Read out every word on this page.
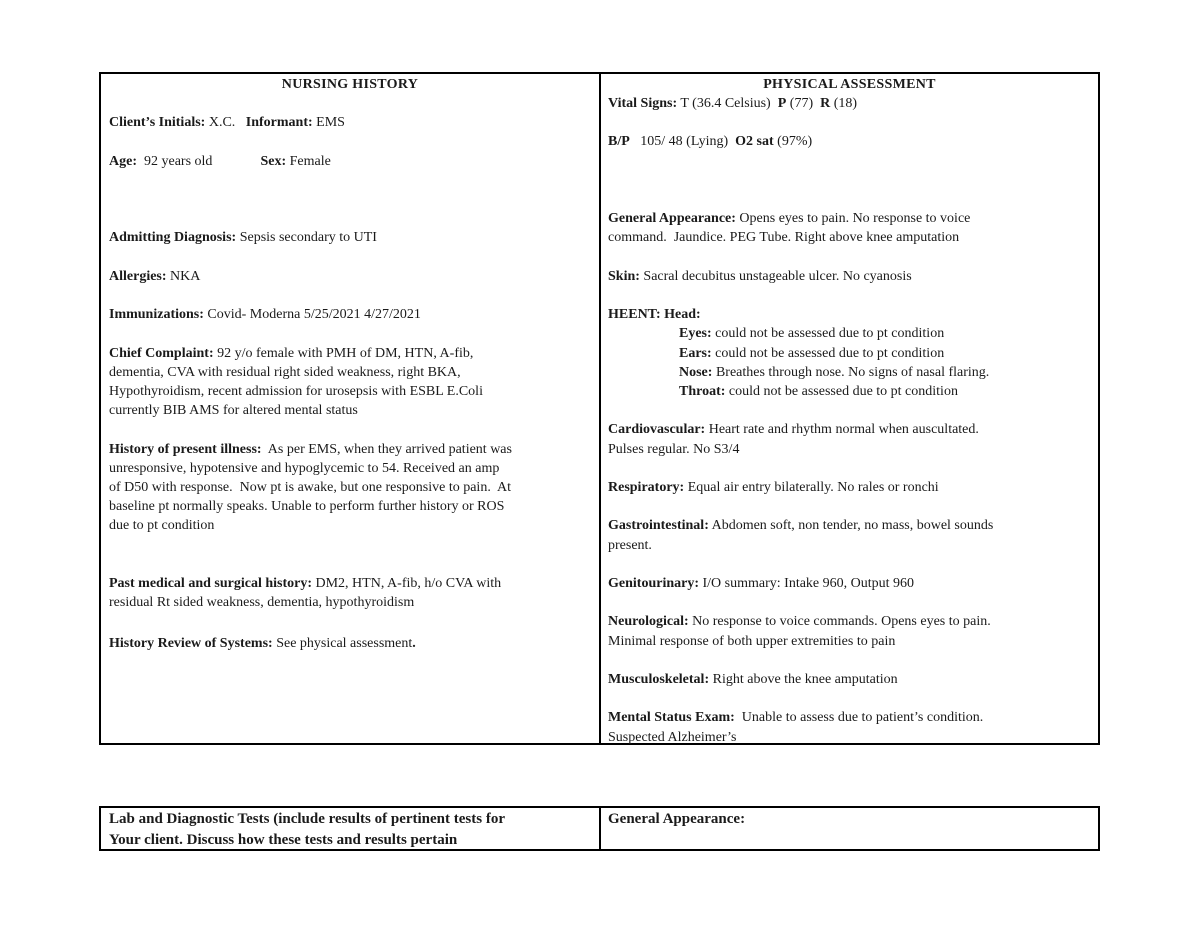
NURSING HISTORY
Client’s Initials: X.C. Informant: EMS
Age:  92 years old	Sex: Female
Admitting Diagnosis: Sepsis secondary to UTI
Allergies: NKA
Immunizations: Covid- Moderna 5/25/2021 4/27/2021
Chief Complaint: 92 y/o female with PMH of DM, HTN, A-fib,
dementia, CVA with residual right sided weakness, right BKA,
Hypothyroidism, recent admission for urosepsis with ESBL E.Coli
currently BIB AMS for altered mental status
History of present illness:  As per EMS, when they arrived patient was
unresponsive, hypotensive and hypoglycemic to 54. Received an amp
of D50 with response.  Now pt is awake, but one responsive to pain.  At
baseline pt normally speaks. Unable to perform further history or ROS
due to pt condition
Past medical and surgical history: DM2, HTN, A-fib, h/o CVA with
residual Rt sided weakness, dementia, hypothyroidism
History Review of Systems: See physical assessment.
PHYSICAL ASSESSMENT
Vital Signs: T (36.4 Celsius)  P (77)  R (18)
B/P   105/ 48 (Lying)  O2 sat (97%)
General Appearance: Opens eyes to pain. No response to voice
command.  Jaundice. PEG Tube. Right above knee amputation
Skin: Sacral decubitus unstageable ulcer. No cyanosis
HEENT: Head:
Eyes: could not be assessed due to pt condition
Ears: could not be assessed due to pt condition
Nose: Breathes through nose. No signs of nasal flaring.
Throat: could not be assessed due to pt condition
Cardiovascular: Heart rate and rhythm normal when auscultated.
Pulses regular. No S3/4
Respiratory: Equal air entry bilaterally. No rales or ronchi
Gastrointestinal: Abdomen soft, non tender, no mass, bowel sounds
present.
Genitourinary: I/O summary: Intake 960, Output 960
Neurological: No response to voice commands. Opens eyes to pain.
Minimal response of both upper extremities to pain
Musculoskeletal: Right above the knee amputation
Mental Status Exam:  Unable to assess due to patient’s condition.
Suspected Alzheimer’s
Lab and Diagnostic Tests (include results of pertinent tests for
Your client. Discuss how these tests and results pertain
General Appearance:
